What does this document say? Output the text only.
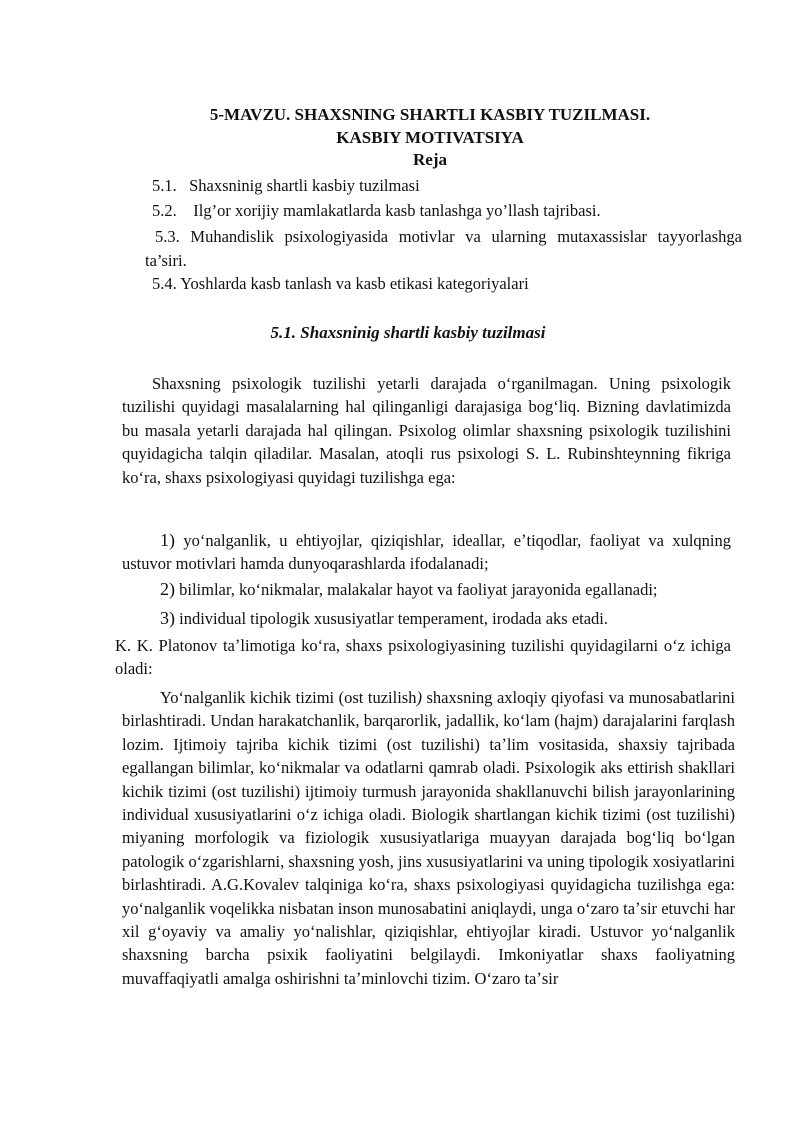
5-MAVZU. SHAXSNING SHARTLI KASBIY TUZILMASI.
KASBIY MOTIVATSIYA
Reja
5.1.   Shaxsninig shartli kasbiy tuzilmasi
5.2.    Ilg’or xorijiy mamlakatlarda kasb tanlashga yo’llash tajribasi.
5.3. Muhandislik psixologiyasida motivlar va ularning mutaxassislar tayyorlashga ta’siri.
5.4. Yoshlarda kasb tanlash va kasb etikasi kategoriyalari
5.1. Shaxsninig shartli kasbiy tuzilmasi
Shaxsning psixologik tuzilishi yetarli darajada oʻrganilmagan. Uning psixologik tuzilishi quyidagi masalalarning hal qilinganligi darajasiga bogʻliq. Bizning davlatimizda bu masala yetarli darajada hal qilingan. Psixolog olimlar shaxsning psixologik tuzilishini quyidagicha talqin qiladilar. Masalan, atoqli rus psixologi S. L. Rubinshteynning fikriga koʻra, shaxs psixologiyasi quyidagi tuzilishga ega:
1) yoʻnalganlik, u ehtiyojlar, qiziqishlar, ideallar, eʼtiqodlar, faoliyat va xulqning ustuvor motivlari hamda dunyoqarashlarda ifodalanadi;
2) bilimlar, koʻnikmalar, malakalar hayot va faoliyat jarayonida egallanadi;
3) individual tipologik xususiyatlar temperament, irodada aks etadi.
K. K. Platonov taʼlimotiga koʻra, shaxs psixologiyasining tuzilishi quyidagilarni oʻz ichiga oladi:
Yoʻnalganlik kichik tizimi (ost tuzilish) shaxsning axloqiy qiyofasi va munosabatlarini birlashtiradi. Undan harakatchanlik, barqarorlik, jadallik, koʻlam (hajm) darajalarini farqlash lozim. Ijtimoiy tajriba kichik tizimi (ost tuzilishi) taʼlim vositasida, shaxsiy tajribada egallangan bilimlar, koʻnikmalar va odatlarni qamrab oladi. Psixologik aks ettirish shakllari kichik tizimi (ost tuzilishi) ijtimoiy turmush jarayonida shakllanuvchi bilish jarayonlarining individual xususiyatlarini oʻz ichiga oladi. Biologik shartlangan kichik tizimi (ost tuzilishi) miyaning morfologik va fiziologik xususiyatlariga muayyan darajada bogʻliq boʻlgan patologik oʻzgarishlarni, shaxsning yosh, jins xususiyatlarini va uning tipologik xosiyatlarini birlashtiradi. A.G.Kovalev talqiniga koʻra, shaxs psixologiyasi quyidagicha tuzilishga ega: yoʻnalganlik voqelikka nisbatan inson munosabatini aniqlaydi, unga oʻzaro taʼsir etuvchi har xil gʻoyaviy va amaliy yoʻnalishlar, qiziqishlar, ehtiyojlar kiradi. Ustuvor yoʻnalganlik shaxsning barcha psixik faoliyatini belgilaydi. Imkoniyatlar shaxs faoliyatning muvaffaqiyatli amalga oshirishni taʼminlovchi tizim. Oʻzaro taʼsir
